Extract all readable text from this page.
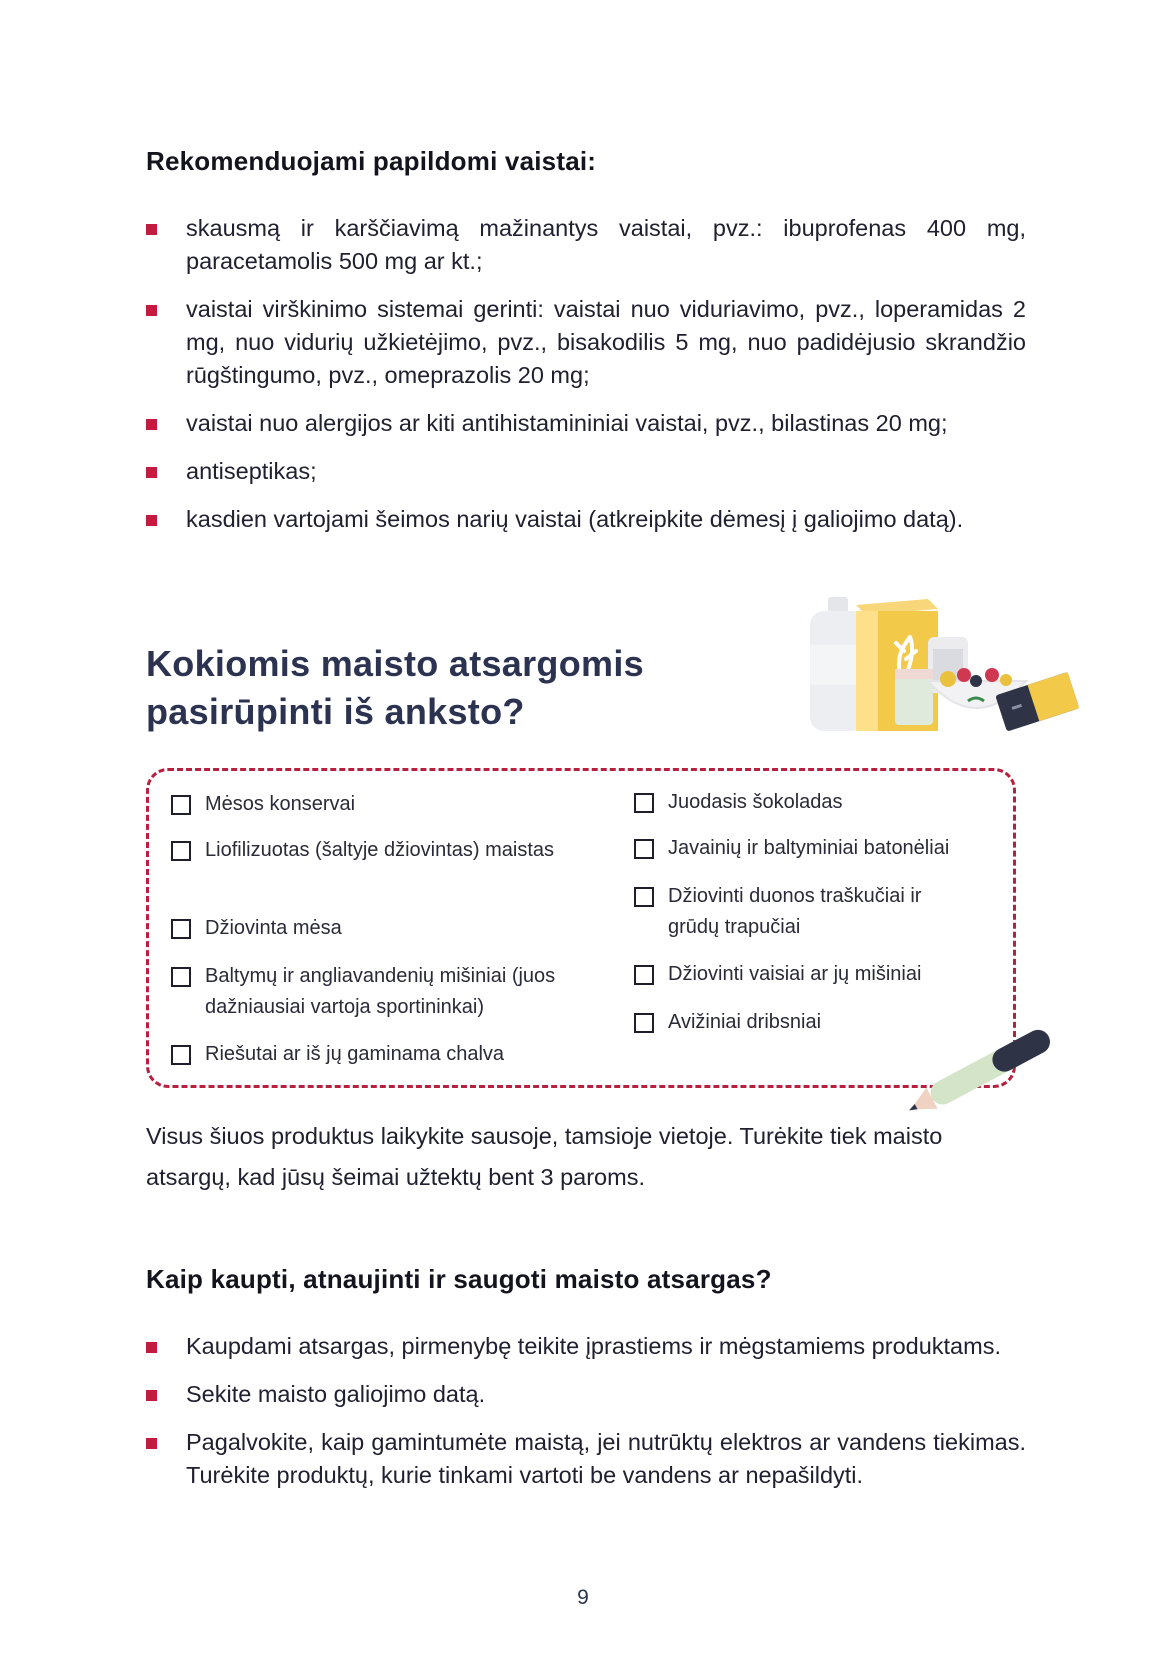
Rekomenduojami papildomi vaistai:
skausmą ir karščiavimą mažinantys vaistai, pvz.: ibuprofenas 400 mg, paracetamolis 500 mg ar kt.;
vaistai virškinimo sistemai gerinti: vaistai nuo viduriavimo, pvz., loperamidas 2 mg, nuo vidurių užkietėjimo, pvz., bisakodilis 5 mg, nuo padidėjusio skrandžio rūgštingumo, pvz., omeprazolis 20 mg;
vaistai nuo alergijos ar kiti antihistamininiai vaistai, pvz., bilastinas 20 mg;
antiseptikas;
kasdien vartojami šeimos narių vaistai (atkreipkite dėmesį į galiojimo datą).
Kokiomis maisto atsargomis
pasirūpinti iš anksto?
Mėsos konservai
Liofilizuotas (šaltyje džiovintas) maistas
Džiovinta mėsa
Baltymų ir angliavandenių mišiniai (juos dažniausiai vartoja sportininkai)
Riešutai ar iš jų gaminama chalva
Juodasis šokoladas
Javainių ir baltyminiai batonėliai
Džiovinti duonos traškučiai ir grūdų trapučiai
Džiovinti vaisiai ar jų mišiniai
Avižiniai dribsniai
Visus šiuos produktus laikykite sausoje, tamsioje vietoje. Turėkite tiek maisto atsargų, kad jūsų šeimai užtektų bent 3 paroms.
Kaip kaupti, atnaujinti ir saugoti maisto atsargas?
Kaupdami atsargas, pirmenybę teikite įprastiems ir mėgstamiems produktams.
Sekite maisto galiojimo datą.
Pagalvokite, kaip gamintumėte maistą, jei nutrūktų elektros ar vandens tiekimas. Turėkite produktų, kurie tinkami vartoti be vandens ar nepašildyti.
9
